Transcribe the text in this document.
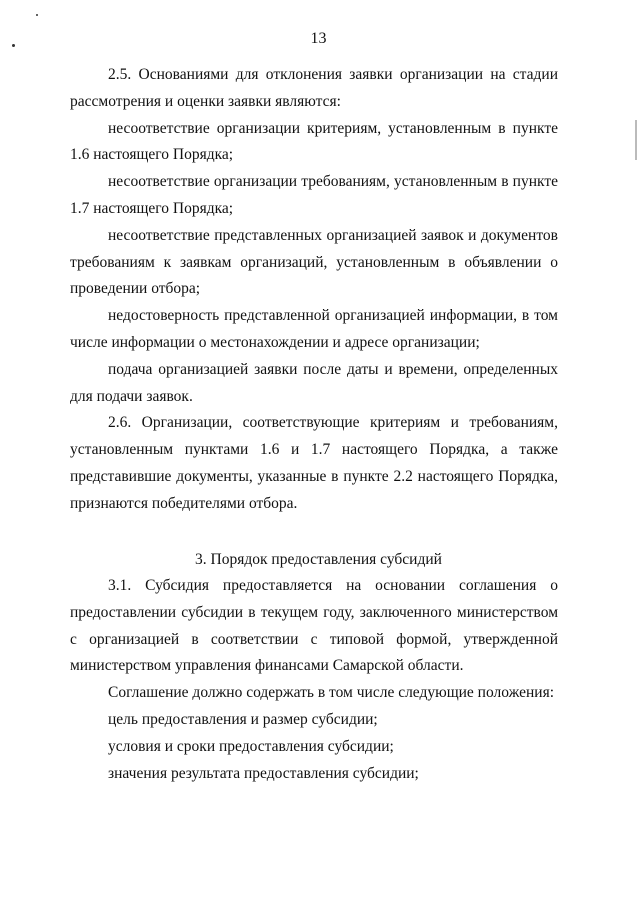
13

2.5. Основаниями для отклонения заявки организации на стадии рассмотрения и оценки заявки являются:

несоответствие организации критериям, установленным в пункте 1.6 настоящего Порядка;

несоответствие организации требованиям, установленным в пункте 1.7 настоящего Порядка;

несоответствие представленных организацией заявок и документов требованиям к заявкам организаций, установленным в объявлении о проведении отбора;

недостоверность представленной организацией информации, в том числе информации о местонахождении и адресе организации;

подача организацией заявки после даты и времени, определенных для подачи заявок.

2.6. Организации, соответствующие критериям и требованиям, установленным пунктами 1.6 и 1.7 настоящего Порядка, а также представившие документы, указанные в пункте 2.2 настоящего Порядка, признаются победителями отбора.

3. Порядок предоставления субсидий

3.1. Субсидия предоставляется на основании соглашения о предоставлении субсидии в текущем году, заключенного министерством с организацией в соответствии с типовой формой, утвержденной министерством управления финансами Самарской области.

Соглашение должно содержать в том числе следующие положения:

цель предоставления и размер субсидии;

условия и сроки предоставления субсидии;

значения результата предоставления субсидии;
